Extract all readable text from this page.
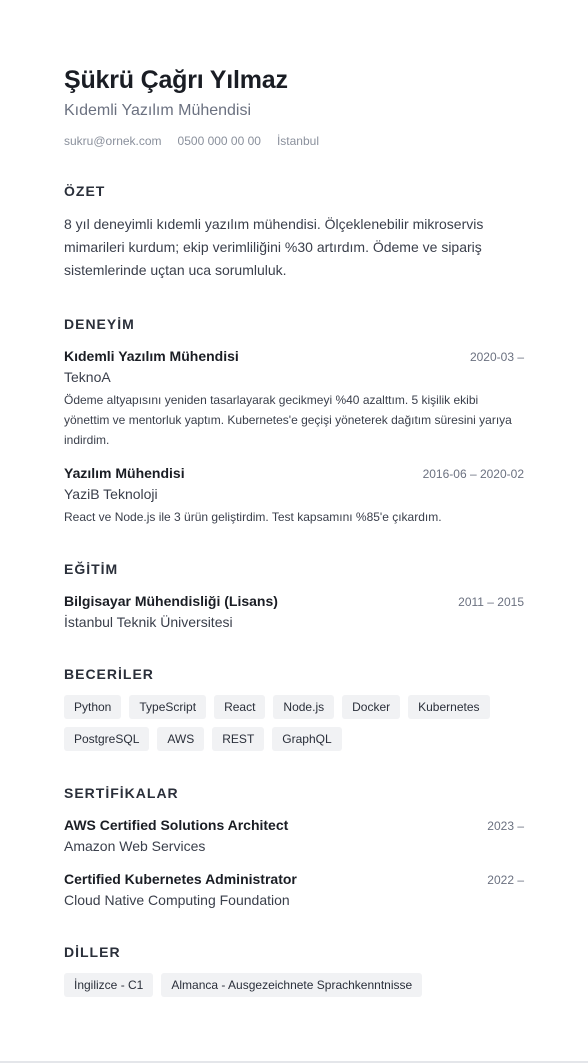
Şükrü Çağrı Yılmaz
Kıdemli Yazılım Mühendisi
sukru@ornek.com 0500 000 00 00 İstanbul
ÖZET

8 yıl deneyimli kıdemli yazılım mühendisi. Ölçeklenebilir mikroservis mimarileri kurdum; ekip verimliliğini %30 artırdım. Ödeme ve sipariş sistemlerinde uçtan uca sorumluluk.

DENEYİM
Kıdemli Yazılım Mühendisi	2020-03 –
TeknoA
Ödeme altyapısını yeniden tasarlayarak gecikmeyi %40 azalttım. 5 kişilik ekibi yönettim ve mentorluk yaptım. Kubernetes'e geçişi yöneterek dağıtım süresini yarıya indirdim.
Yazılım Mühendisi	2016-06 – 2020-02
YaziB Teknoloji
React ve Node.js ile 3 ürün geliştirdim. Test kapsamını %85'e çıkardım.
EĞİTİM
Bilgisayar Mühendisliği (Lisans)	2011 – 2015
İstanbul Teknik Üniversitesi
BECERİLER
Python	TypeScript	React	Node.js	Docker	Kubernetes
PostgreSQL	AWS	REST	GraphQL
SERTİFİKALAR
AWS Certified Solutions Architect	2023 –
Amazon Web Services
Certified Kubernetes Administrator	2022 –
Cloud Native Computing Foundation
DİLLER
İngilizce - C1	Almanca - Ausgezeichnete Sprachkenntnisse
